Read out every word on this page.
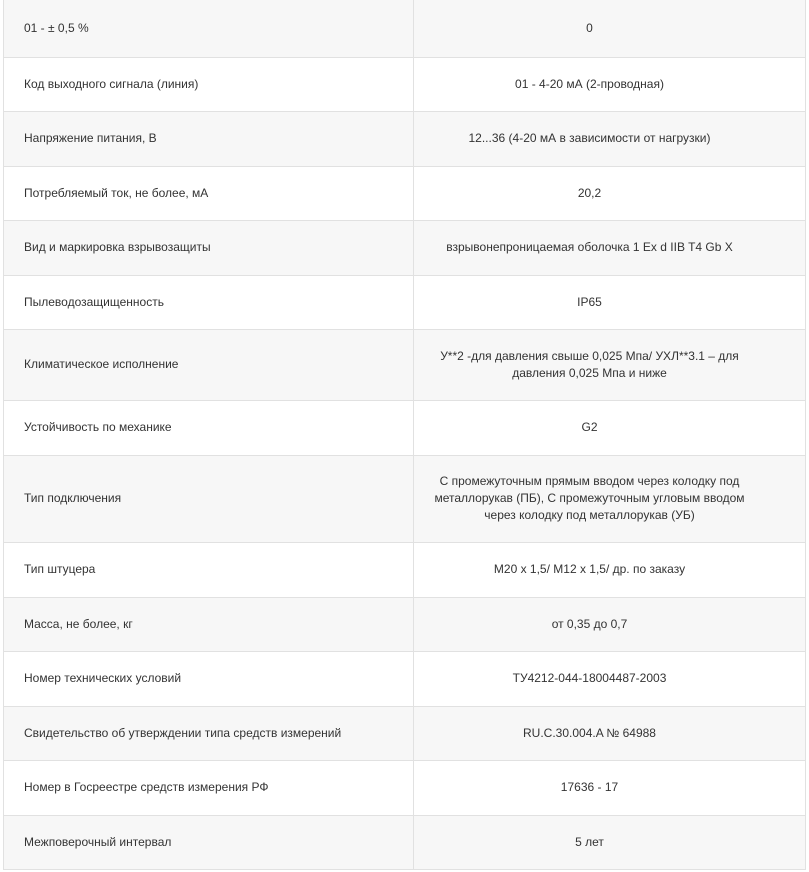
01 - ± 0,5 %	0
Код выходного сигнала (линия)	01 - 4-20 мА (2-проводная)
Напряжение питания, В	12...36 (4-20 мА в зависимости от нагрузки)
Потребляемый ток, не более, мА	20,2
Вид и маркировка взрывозащиты	взрывонепроницаемая оболочка 1 Ex d IIB T4 Gb X
Пылеводозащищенность	IP65
Климатическое исполнение	У**2 -для давления свыше 0,025 Мпа/ УХЛ**3.1 – для давления 0,025 Мпа и ниже
Устойчивость по механике	G2
Тип подключения	С промежуточным прямым вводом через колодку под металлорукав (ПБ), С промежуточным угловым вводом через колодку под металлорукав (УБ)
Тип штуцера	M20 x 1,5/ M12 x 1,5/ др. по заказу
Масса, не более, кг	от 0,35 до 0,7
Номер технических условий	ТУ4212-044-18004487-2003
Свидетельство об утверждении типа средств измерений	RU.C.30.004.A № 64988
Номер в Госреестре средств измерения РФ	17636 - 17
Межповерочный интервал	5 лет
